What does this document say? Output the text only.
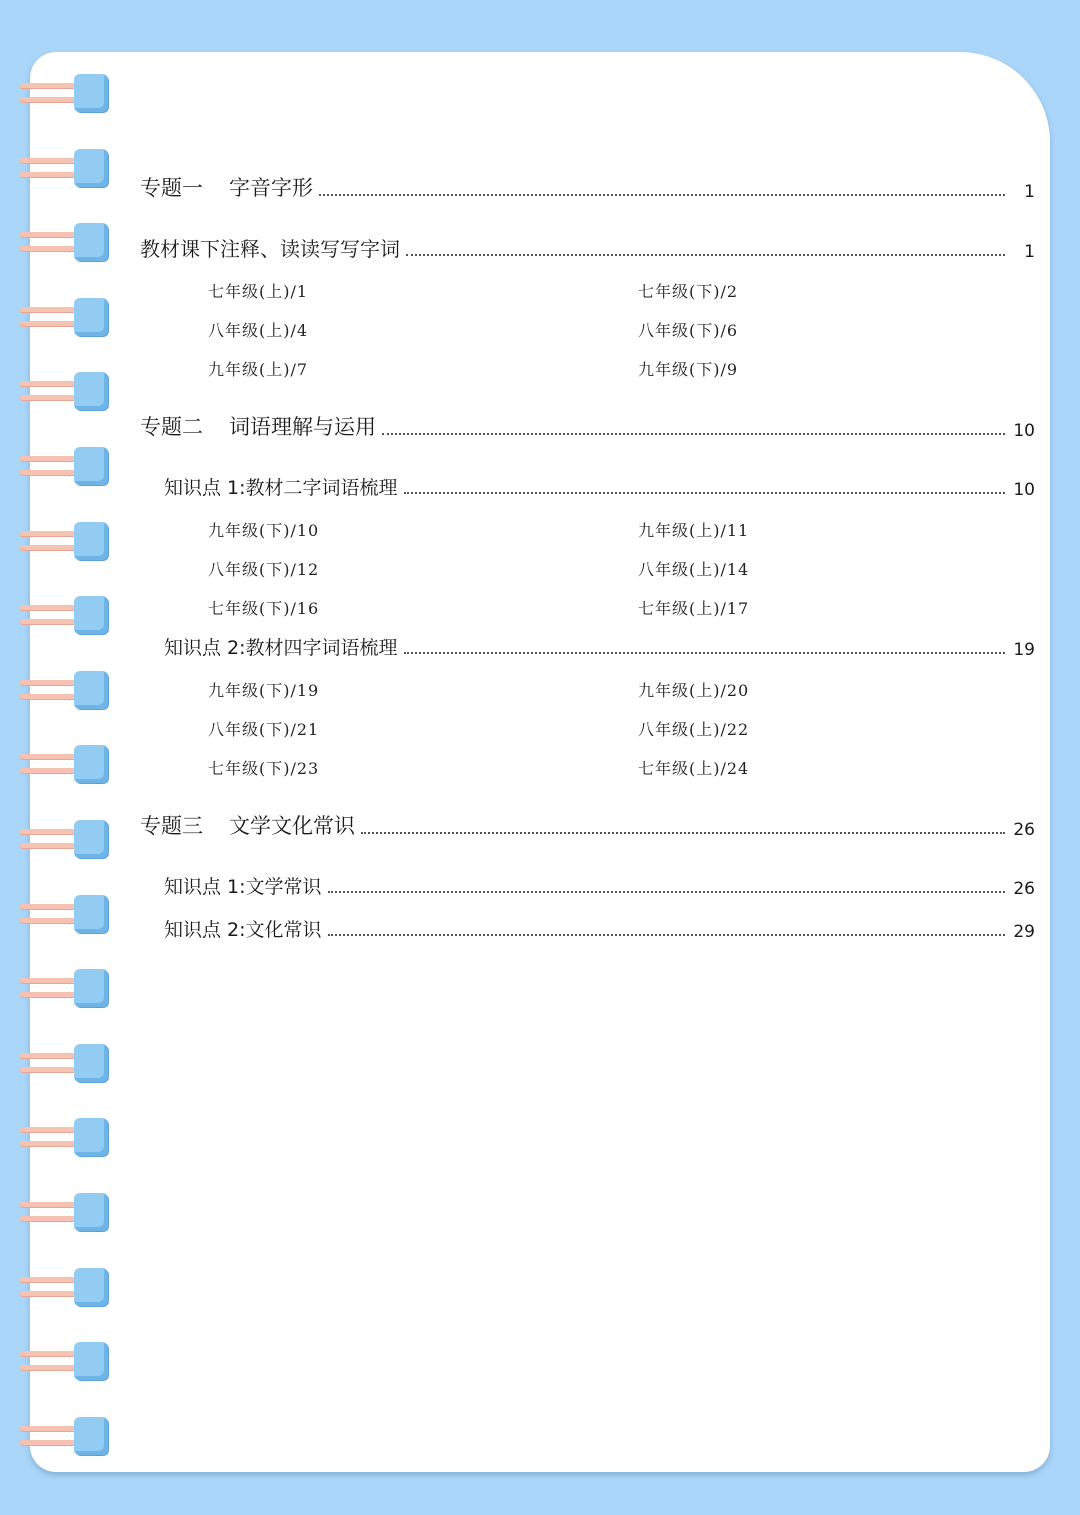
专题一 字音字形	1
教材课下注释、读读写写字词	1
七年级(上)/1	七年级(下)/2
八年级(上)/4	八年级(下)/6
九年级(上)/7	九年级(下)/9
专题二 词语理解与运用	10
知识点 1:教材二字词语梳理	10
九年级(下)/10	九年级(上)/11
八年级(下)/12	八年级(上)/14
七年级(下)/16	七年级(上)/17
知识点 2:教材四字词语梳理	19
九年级(下)/19	九年级(上)/20
八年级(下)/21	八年级(上)/22
七年级(下)/23	七年级(上)/24
专题三 文学文化常识	26
知识点 1:文学常识	26
知识点 2:文化常识	29
